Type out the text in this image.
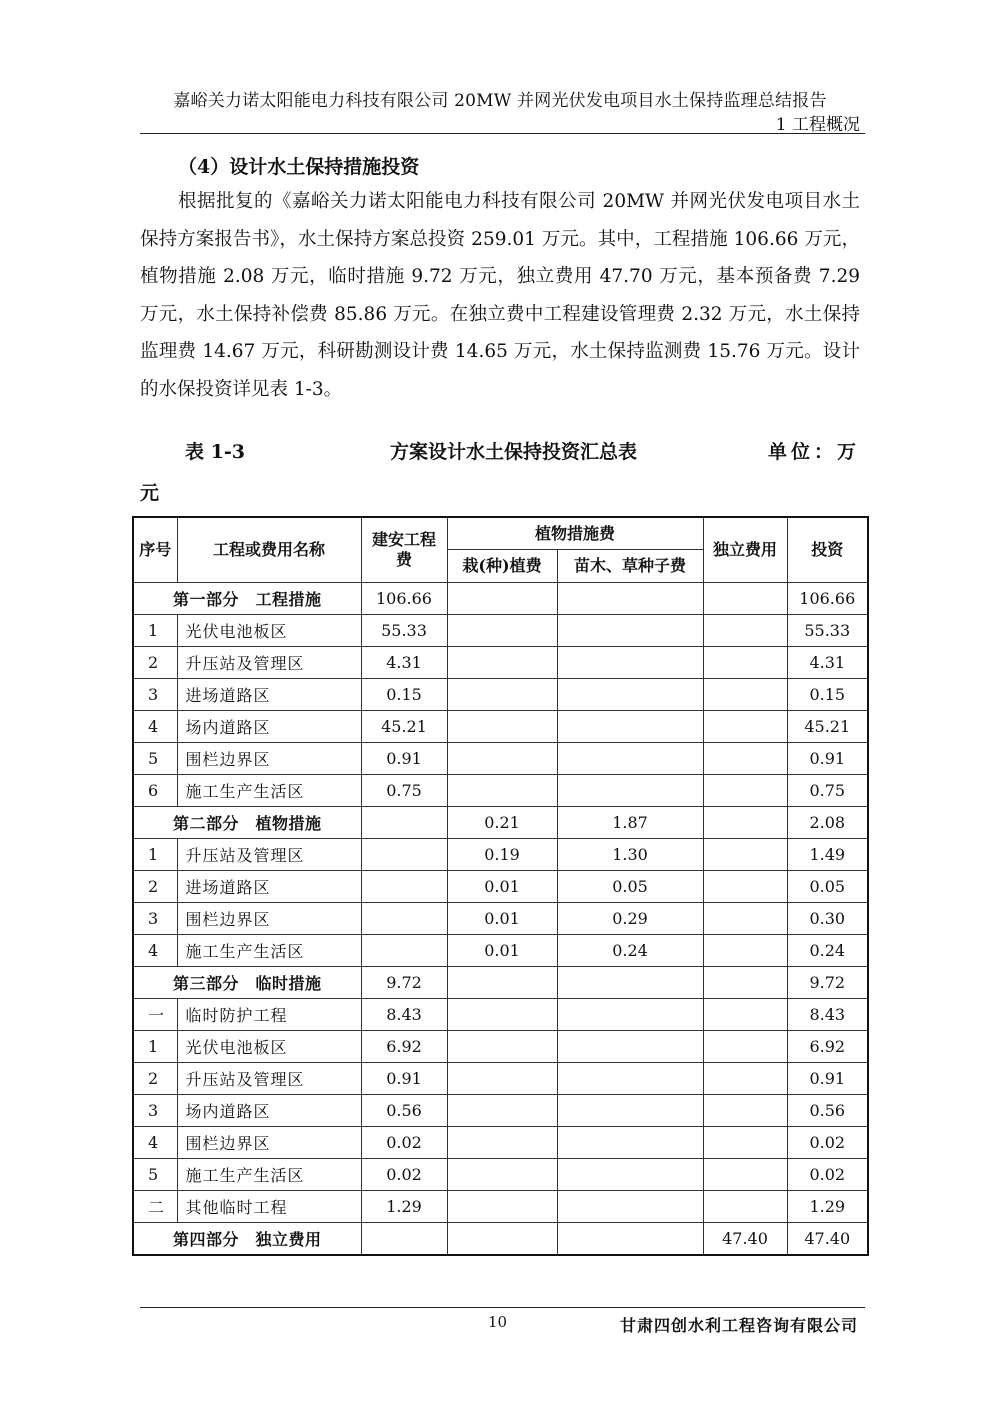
嘉峪关力诺太阳能电力科技有限公司 20MW 并网光伏发电项目水土保持监理总结报告
1 工程概况
（4）设计水土保持措施投资
根据批复的《嘉峪关力诺太阳能电力科技有限公司 20MW 并网光伏发电项目水土保持方案报告书》，水土保持方案总投资 259.01 万元。其中，工程措施 106.66 万元，植物措施 2.08 万元，临时措施 9.72 万元，独立费用 47.70 万元，基本预备费 7.29 万元，水土保持补偿费 85.86 万元。在独立费中工程建设管理费 2.32 万元，水土保持监理费 14.67 万元，科研勘测设计费 14.65 万元，水土保持监测费 15.76 万元。设计的水保投资详见表 1-3。
表 1-3	方案设计水土保持投资汇总表	单位：万
元
序号	工程或费用名称	建安工程费	植物措施费		独立费用	投资
			栽(种)植费	苗木、草种子费		
第一部分　工程措施		106.66				106.66
1	光伏电池板区	55.33				55.33
2	升压站及管理区	4.31				4.31
3	进场道路区	0.15				0.15
4	场内道路区	45.21				45.21
5	围栏边界区	0.91				0.91
6	施工生产生活区	0.75				0.75
第二部分　植物措施			0.21	1.87		2.08
1	升压站及管理区		0.19	1.30		1.49
2	进场道路区		0.01	0.05		0.05
3	围栏边界区		0.01	0.29		0.30
4	施工生产生活区		0.01	0.24		0.24
第三部分　临时措施		9.72				9.72
一	临时防护工程	8.43				8.43
1	光伏电池板区	6.92				6.92
2	升压站及管理区	0.91				0.91
3	场内道路区	0.56				0.56
4	围栏边界区	0.02				0.02
5	施工生产生活区	0.02				0.02
二	其他临时工程	1.29				1.29
第四部分　独立费用					47.40	47.40
10	甘肃四创水利工程咨询有限公司
